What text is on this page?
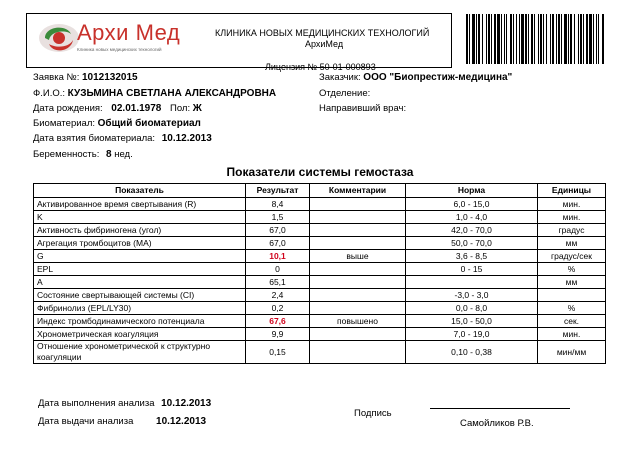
Архи Мед
Клиника новых медицинских технологий
КЛИНИКА НОВЫХ МЕДИЦИНСКИХ ТЕХНОЛОГИЙ
АрхиМед
Лицензия № 50-01-000893
Заявка №: 1012132015
Ф.И.О.: КУЗЬМИНА СВЕТЛАНА АЛЕКСАНДРОВНА
Дата рождения: 02.01.1978 Пол: Ж
Биоматериал: Общий биоматериал
Дата взятия биоматериала: 10.12.2013
Беременность: 8 нед.
Заказчик: ООО "Биопрестиж-медицина"
Отделение:
Направивший врач:
Показатели системы гемостаза
Показатель	Результат	Комментарии	Норма	Единицы
Активированное время свертывания (R)	8,4		6,0 - 15,0	мин.
K	1,5		1,0 - 4,0	мин.
Активность фибриногена (угол)	67,0		42,0 - 70,0	градус
Агрегация тромбоцитов (MA)	67,0		50,0 - 70,0	мм
G	10,1	выше	3,6 - 8,5	градус/сек
EPL	0		0 - 15	%
A	65,1			мм
Состояние свертывающей системы (CI)	2,4		-3,0 - 3,0	
Фибринолиз (EPL/LY30)	0,2		0,0 - 8,0	%
Индекс тромбодинамического потенциала	67,6	повышено	15,0 - 50,0	сек.
Хронометрическая коагуляция	9,9		7,0 - 19,0	мин.
Отношение хронометрической к структурно коагуляции	0,15		0,10 - 0,38	мин/мм
Дата выполнения анализа 10.12.2013
Дата выдачи анализа 10.12.2013
Подпись
Самойликов Р.В.
